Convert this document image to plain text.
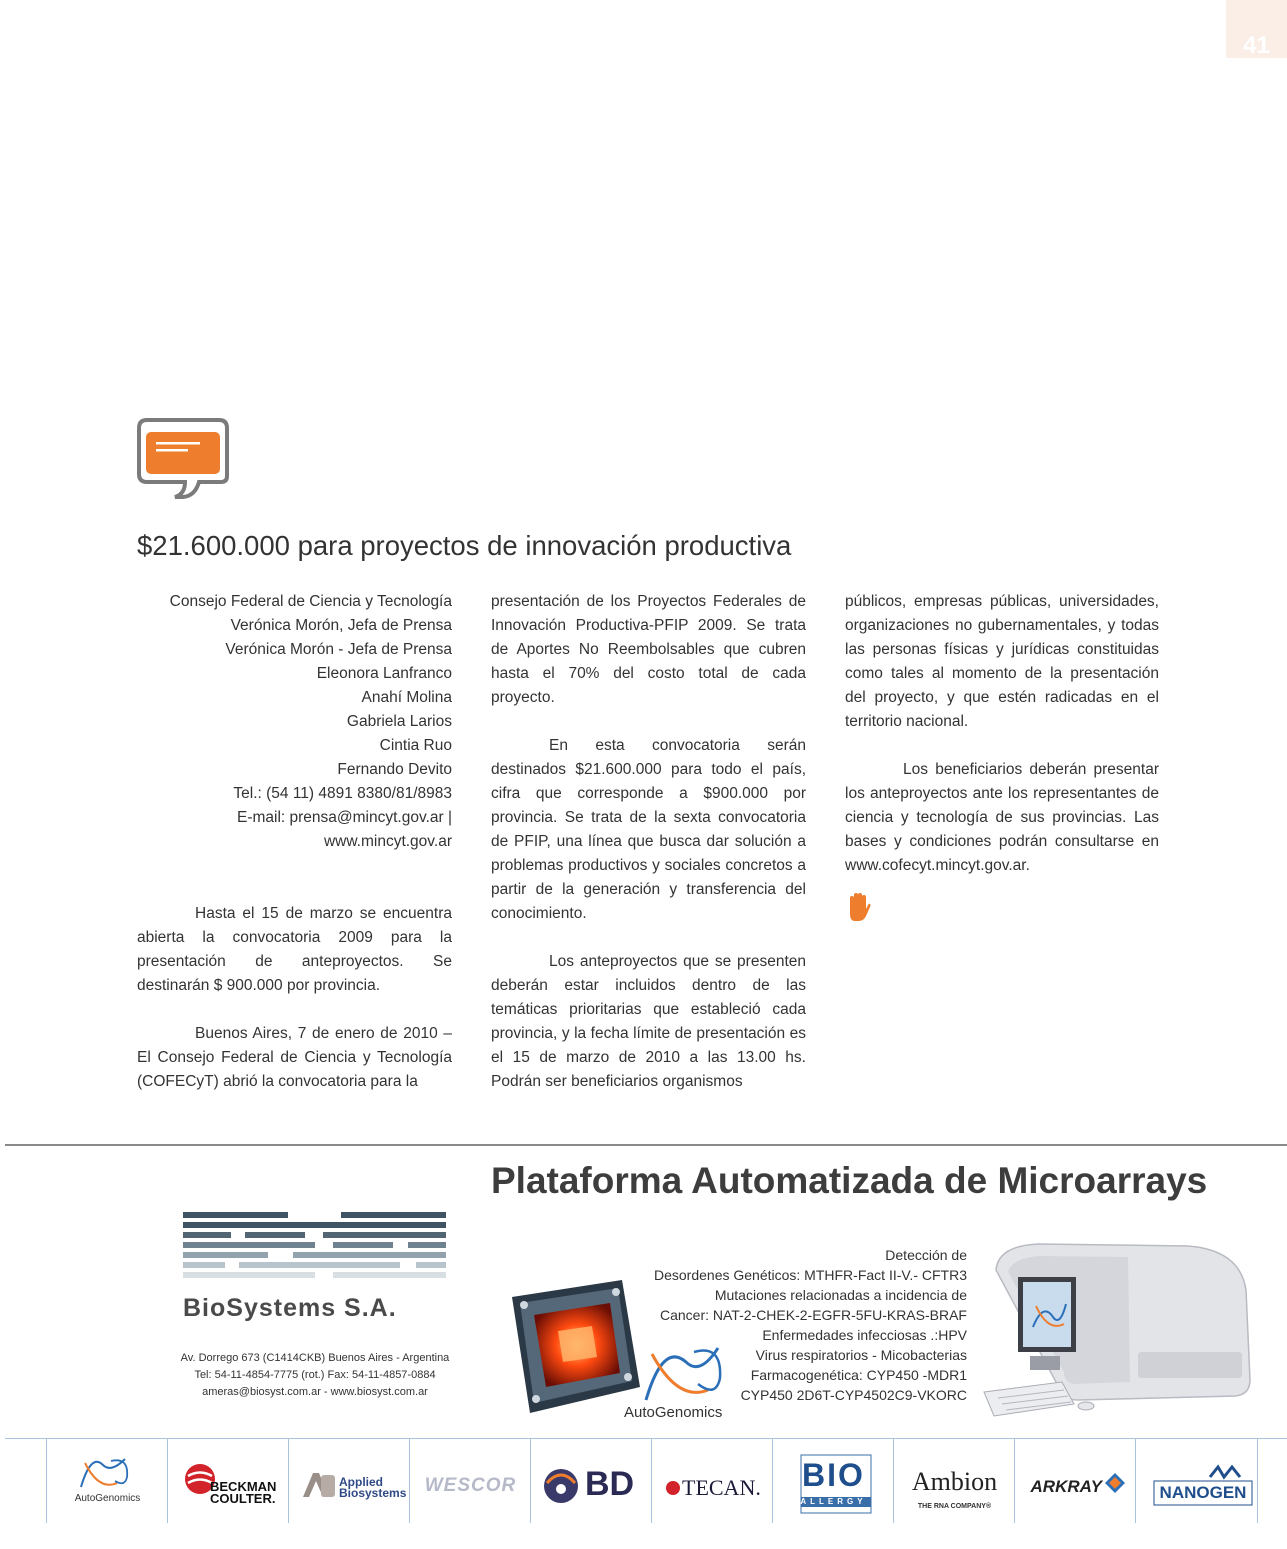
41
$21.600.000 para proyectos de innovación productiva
Consejo Federal de Ciencia y Tecnología
Verónica Morón, Jefa de Prensa
Verónica Morón - Jefa de Prensa
Eleonora Lanfranco
Anahí Molina
Gabriela Larios
Cintia Ruo
Fernando Devito
Tel.: (54 11) 4891 8380/81/8983
E-mail: prensa@mincyt.gov.ar |
www.mincyt.gov.ar

Hasta el 15 de marzo se encuentra abierta la convocatoria 2009 para la presentación de anteproyectos. Se destinarán $ 900.000 por provincia.

Buenos Aires, 7 de enero de 2010 – El Consejo Federal de Ciencia y Tecnología (COFECyT) abrió la convocatoria para la

presentación de los Proyectos Federales de Innovación Productiva-PFIP 2009. Se trata de Aportes No Reembolsables que cubren hasta el 70% del costo total de cada proyecto.

En esta convocatoria serán destinados $21.600.000 para todo el país, cifra que corresponde a $900.000 por provincia. Se trata de la sexta convocatoria de PFIP, una línea que busca dar solución a problemas productivos y sociales concretos a partir de la generación y transferencia del conocimiento.

Los anteproyectos que se presenten deberán estar incluidos dentro de las temáticas prioritarias que estableció cada provincia, y la fecha límite de presentación es el 15 de marzo de 2010 a las 13.00 hs. Podrán ser beneficiarios organismos

públicos, empresas públicas, universidades, organizaciones no gubernamentales, y todas las personas físicas y jurídicas constituidas como tales al momento de la presentación del proyecto, y que estén radicadas en el territorio nacional.

Los beneficiarios deberán presentar los anteproyectos ante los representantes de ciencia y tecnología de sus provincias. Las bases y condiciones podrán consultarse en www.cofecyt.mincyt.gov.ar.

Plataforma Automatizada de Microarrays
BioSystems S.A.
Av. Dorrego 673 (C1414CKB) Buenos Aires - Argentina
Tel: 54-11-4854-7775 (rot.) Fax: 54-11-4857-0884
ameras@biosyst.com.ar - www.biosyst.com.ar
AutoGenomics
Detección de
Desordenes Genéticos: MTHFR-Fact II-V.- CFTR3
Mutaciones relacionadas a incidencia de
Cancer: NAT-2-CHEK-2-EGFR-5FU-KRAS-BRAF
Enfermedades infecciosas .:HPV
Virus respiratorios - Micobacterias
Farmacogenética: CYP450 -MDR1
CYP450 2D6T-CYP4502C9-VKORC
AutoGenomics
BECKMAN
COULTER.
Applied
Biosystems WESCOR	BD	TECAN.	BIO
ALLERGY
Ambion
THE RNA COMPANY®
ARKRAY	NANOGEN
